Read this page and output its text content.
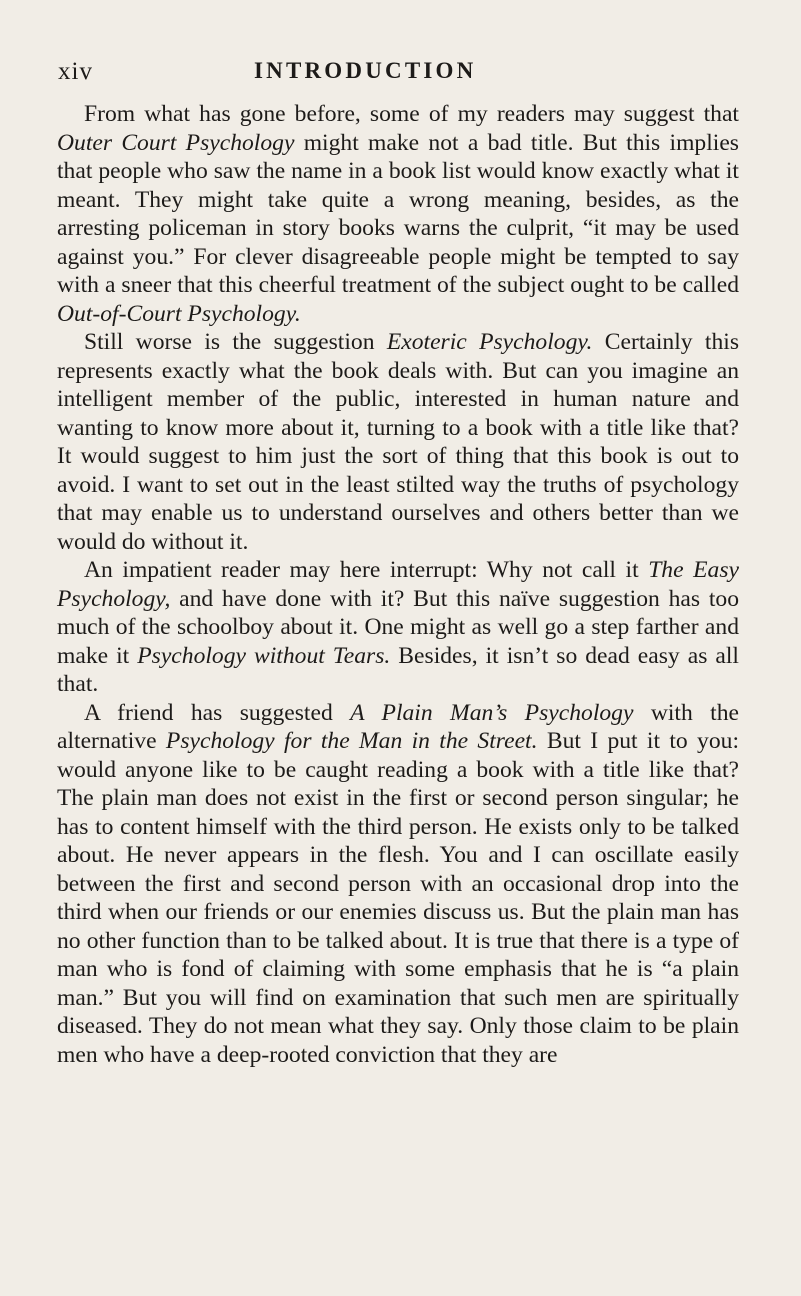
xiv	INTRODUCTION

From what has gone before, some of my readers may suggest that Outer Court Psychology might make not a bad title. But this implies that people who saw the name in a book list would know exactly what it meant. They might take quite a wrong meaning, besides, as the arresting policeman in story books warns the culprit, “it may be used against you.” For clever disagreeable people might be tempted to say with a sneer that this cheerful treatment of the subject ought to be called Out-of-Court Psychology.

Still worse is the suggestion Exoteric Psychology. Certainly this represents exactly what the book deals with. But can you imagine an intelligent member of the public, interested in human nature and wanting to know more about it, turning to a book with a title like that? It would suggest to him just the sort of thing that this book is out to avoid. I want to set out in the least stilted way the truths of psychology that may enable us to understand ourselves and others better than we would do without it.

An impatient reader may here interrupt: Why not call it The Easy Psychology, and have done with it? But this naïve suggestion has too much of the schoolboy about it. One might as well go a step farther and make it Psychology without Tears. Besides, it isn’t so dead easy as all that.

A friend has suggested A Plain Man’s Psychology with the alternative Psychology for the Man in the Street. But I put it to you: would anyone like to be caught reading a book with a title like that? The plain man does not exist in the first or second person singular; he has to content himself with the third person. He exists only to be talked about. He never appears in the flesh. You and I can oscillate easily between the first and second person with an occasional drop into the third when our friends or our enemies discuss us. But the plain man has no other function than to be talked about. It is true that there is a type of man who is fond of claiming with some emphasis that he is “a plain man.” But you will find on examination that such men are spiritually diseased. They do not mean what they say. Only those claim to be plain men who have a deep-rooted conviction that they are
